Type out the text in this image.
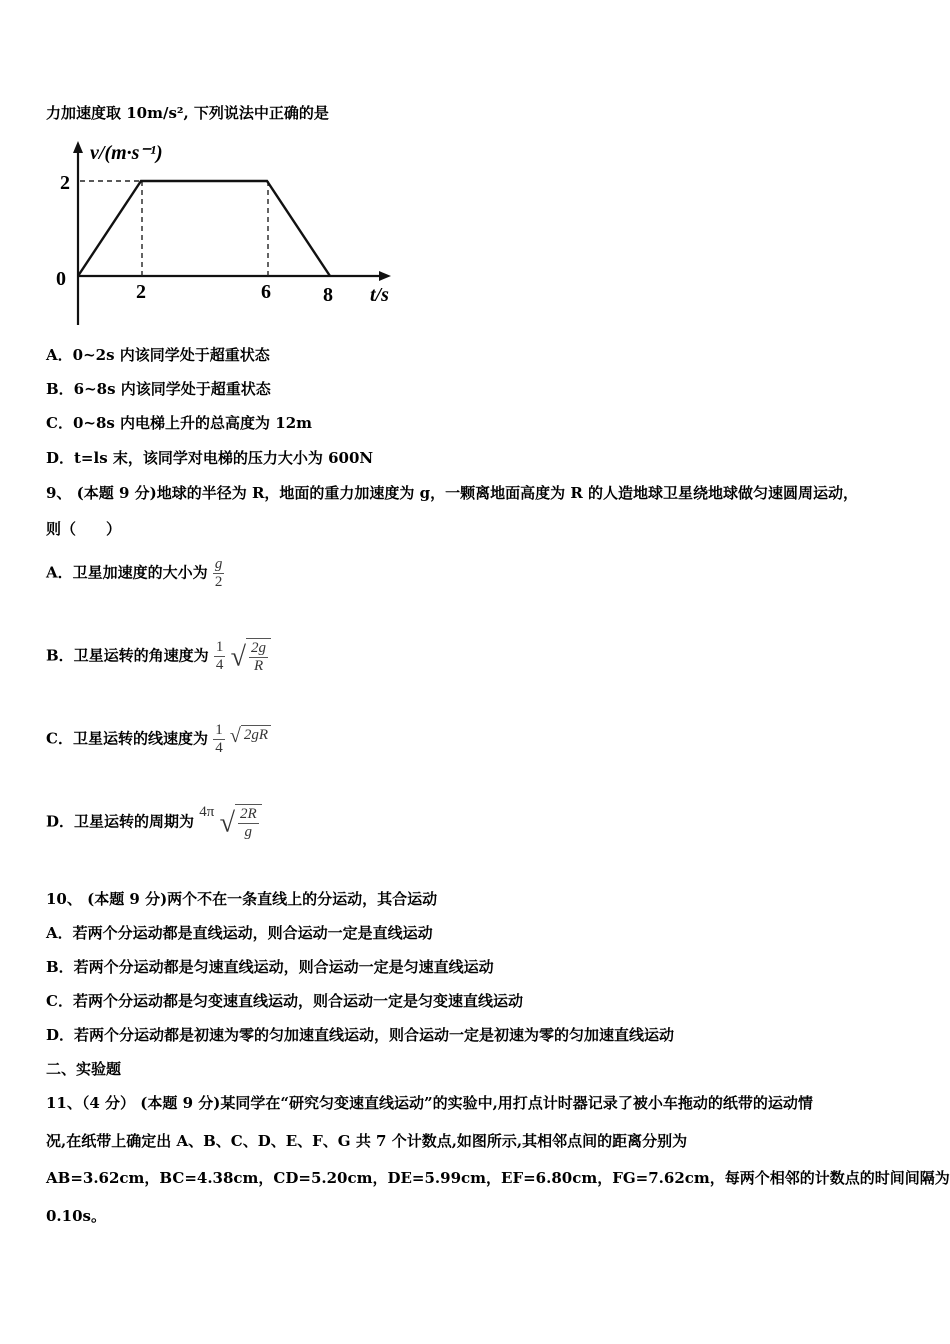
力加速度取 10m/s², 下列说法中正确的是
v/(m·s⁻¹)
2
0
2	6	8 t/s
A．0~2s 内该同学处于超重状态
B．6~8s 内该同学处于超重状态
C．0~8s 内电梯上升的总高度为 12m
D．t=ls 末，该同学对电梯的压力大小为 600N
9、 (本题 9 分)地球的半径为 R，地面的重力加速度为 g，一颗离地面高度为 R 的人造地球卫星绕地球做匀速圆周运动，
则（　　）
A．卫星加速度的大小为 $\frac{g}{2}$
B．卫星运转的角速度为 $\frac{1}{4}$ √ $\frac{2g}{R}$
C．卫星运转的线速度为 $\frac{1}{4}$ √ 2gR
D．卫星运转的周期为 4π √ $\frac{2R}{g}$
10、 (本题 9 分)两个不在一条直线上的分运动，其合运动
A．若两个分运动都是直线运动，则合运动一定是直线运动
B．若两个分运动都是匀速直线运动，则合运动一定是匀速直线运动
C．若两个分运动都是匀变速直线运动，则合运动一定是匀变速直线运动
D．若两个分运动都是初速为零的匀加速直线运动，则合运动一定是初速为零的匀加速直线运动
二、实验题
11、（4 分） (本题 9 分)某同学在“研究匀变速直线运动”的实验中,用打点计时器记录了被小车拖动的纸带的运动情
况,在纸带上确定出 A、B、C、D、E、F、G 共 7 个计数点,如图所示,其相邻点间的距离分别为
AB=3.62cm，BC=4.38cm，CD=5.20cm，DE=5.99cm，EF=6.80cm，FG=7.62cm，每两个相邻的计数点的时间间隔为
0.10s。
